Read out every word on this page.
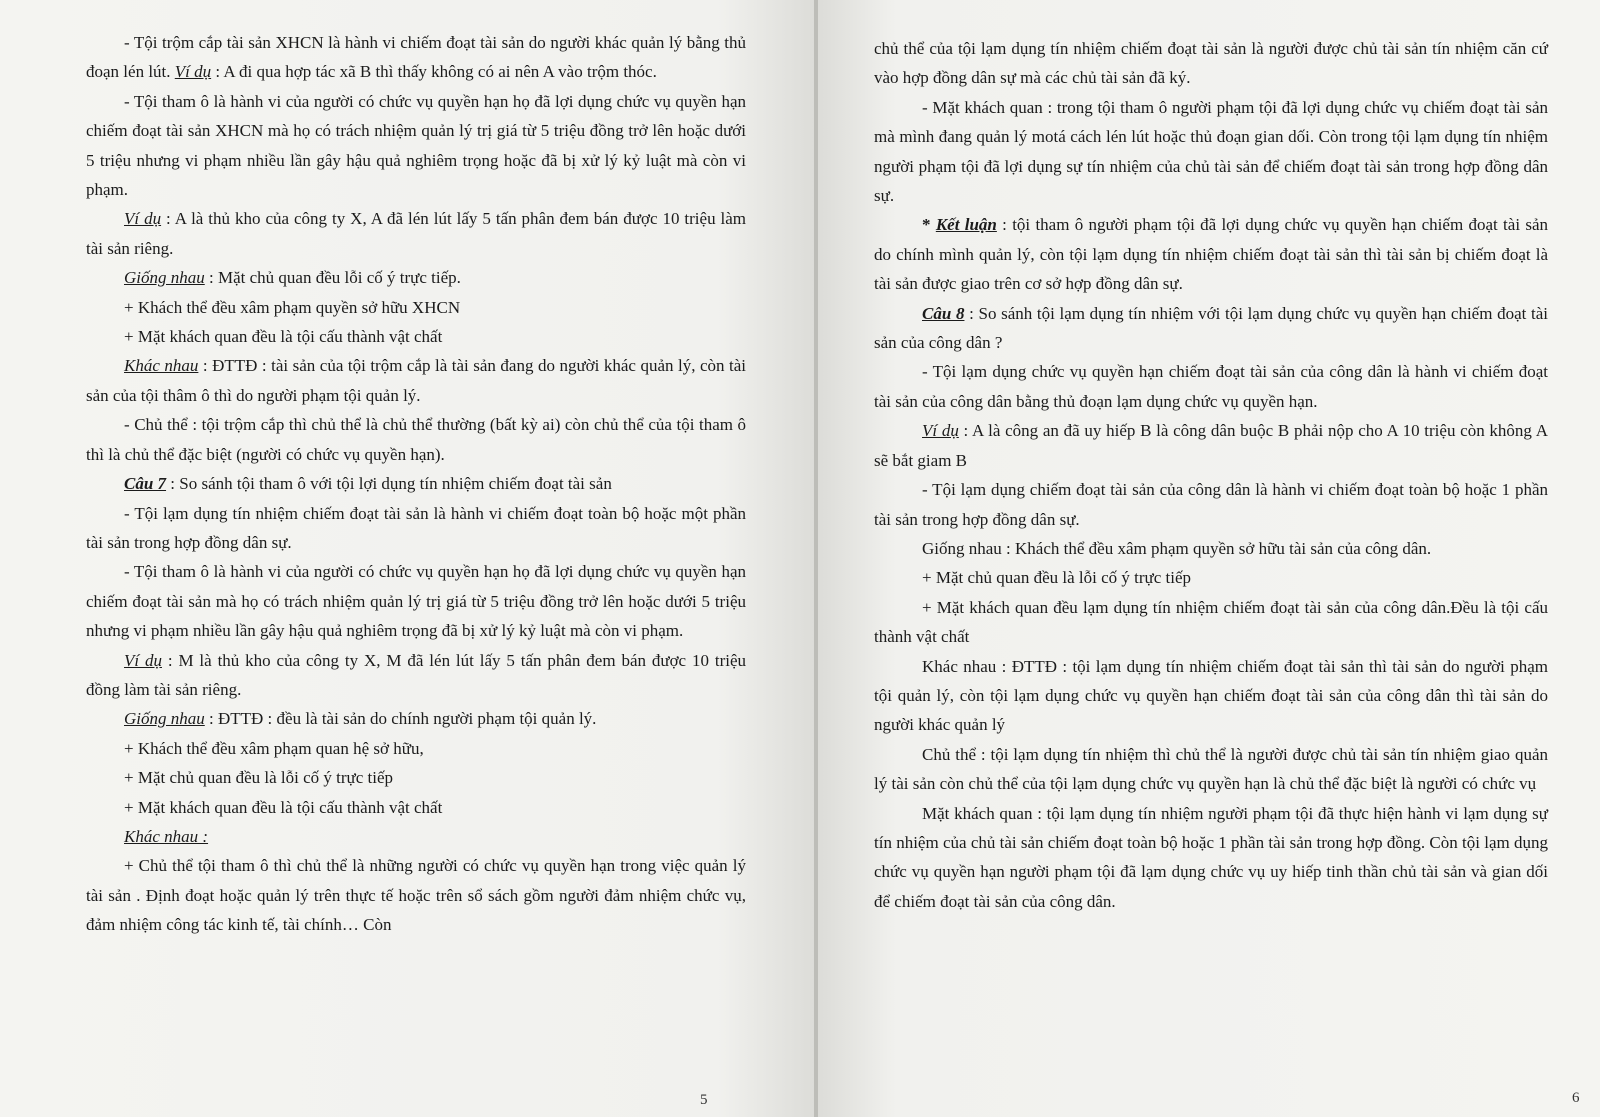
- Tội trộm cắp tài sản XHCN là hành vi chiếm đoạt tài sản do người khác quản lý bằng thủ đoạn lén lút. Ví dụ : A đi qua hợp tác xã B thì thấy không có ai nên A vào trộm thóc.

- Tội tham ô là hành vi của người có chức vụ quyền hạn họ đã lợi dụng chức vụ quyền hạn chiếm đoạt tài sản XHCN mà họ có trách nhiệm quản lý trị giá từ 5 triệu đồng trở lên hoặc dưới 5 triệu nhưng vi phạm nhiều lần gây hậu quả nghiêm trọng hoặc đã bị xử lý kỷ luật mà còn vi phạm.

Ví dụ : A là thủ kho của công ty X, A đã lén lút lấy 5 tấn phân đem bán được 10 triệu làm tài sản riêng.

Giống nhau : Mặt chủ quan đều lỗi cố ý trực tiếp.

+ Khách thể đều xâm phạm quyền sở hữu XHCN

+ Mặt khách quan đều là tội cấu thành vật chất

Khác nhau : ĐTTĐ : tài sản của tội trộm cắp là tài sản đang do người khác quản lý, còn tài sản của tội thâm ô thì do người phạm tội quản lý.

- Chủ thể : tội trộm cắp thì chủ thể là chủ thể thường (bất kỳ ai) còn chủ thể của tội tham ô thì là chủ thể đặc biệt (người có chức vụ quyền hạn).

Câu 7 : So sánh tội tham ô với tội lợi dụng tín nhiệm chiếm đoạt tài sản

- Tội lạm dụng tín nhiệm chiếm đoạt tài sản là hành vi chiếm đoạt toàn bộ hoặc một phần tài sản trong hợp đồng dân sự.

- Tội tham ô là hành vi của người có chức vụ quyền hạn họ đã lợi dụng chức vụ quyền hạn chiếm đoạt tài sản mà họ có trách nhiệm quản lý trị giá từ 5 triệu đồng trở lên hoặc dưới 5 triệu nhưng vi phạm nhiều lần gây hậu quả nghiêm trọng đã bị xử lý kỷ luật mà còn vi phạm.

Ví dụ : M là thủ kho của công ty X, M đã lén lút lấy 5 tấn phân đem bán được 10 triệu đồng làm tài sản riêng.

Giống nhau : ĐTTĐ : đều là tài sản do chính người phạm tội quản lý.

+ Khách thể đều xâm phạm quan hệ sở hữu,

+ Mặt chủ quan đều là lỗi cố ý trực tiếp

+ Mặt khách quan đều là tội cấu thành vật chất

Khác nhau :

+ Chủ thể tội tham ô thì chủ thể là những người có chức vụ quyền hạn trong việc quản lý tài sản . Định đoạt hoặc quản lý trên thực tế hoặc trên sổ sách gồm người đảm nhiệm chức vụ, đảm nhiệm công tác kinh tế, tài chính… Còn

5

chủ thể của tội lạm dụng tín nhiệm chiếm đoạt tài sản là người được chủ tài sản tín nhiệm căn cứ vào hợp đồng dân sự mà các chủ tài sản đã ký.

- Mặt khách quan : trong tội tham ô người phạm tội đã lợi dụng chức vụ chiếm đoạt tài sản mà mình đang quản lý motá cách lén lút hoặc thủ đoạn gian dối. Còn trong tội lạm dụng tín nhiệm người phạm tội đã lợi dụng sự tín nhiệm của chủ tài sản để chiếm đoạt tài sản trong hợp đồng dân sự.

* Kết luận : tội tham ô người phạm tội đã lợi dụng chức vụ quyền hạn chiếm đoạt tài sản do chính mình quản lý, còn tội lạm dụng tín nhiệm chiếm đoạt tài sản thì tài sản bị chiếm đoạt là tài sản được giao trên cơ sở hợp đồng dân sự.

Câu 8 : So sánh tội lạm dụng tín nhiệm với tội lạm dụng chức vụ quyền hạn chiếm đoạt tài sản của công dân ?

- Tội lạm dụng chức vụ quyền hạn chiếm đoạt tài sản của công dân là hành vi chiếm đoạt tài sản của công dân bằng thủ đoạn lạm dụng chức vụ quyền hạn.

Ví dụ : A là công an đã uy hiếp B là công dân buộc B phải nộp cho A 10 triệu còn không A sẽ bắt giam B

- Tội lạm dụng chiếm đoạt tài sản của công dân là hành vi chiếm đoạt toàn bộ hoặc 1 phần tài sản trong hợp đồng dân sự.

Giống nhau : Khách thể đều xâm phạm quyền sở hữu tài sản của công dân.

+ Mặt chủ quan đều là lỗi cố ý trực tiếp

+ Mặt khách quan đều lạm dụng tín nhiệm chiếm đoạt tài sản của công dân.Đều là tội cấu thành vật chất

Khác nhau : ĐTTĐ : tội lạm dụng tín nhiệm chiếm đoạt tài sản thì tài sản do người phạm tội quản lý, còn tội lạm dụng chức vụ quyền hạn chiếm đoạt tài sản của công dân thì tài sản do người khác quản lý

Chủ thể : tội lạm dụng tín nhiệm thì chủ thể là người được chủ tài sản tín nhiệm giao quản lý tài sản còn chủ thể của tội lạm dụng chức vụ quyền hạn là chủ thể đặc biệt là người có chức vụ

Mặt khách quan : tội lạm dụng tín nhiệm người phạm tội đã thực hiện hành vi lạm dụng sự tín nhiệm của chủ tài sản chiếm đoạt toàn bộ hoặc 1 phần tài sản trong hợp đồng. Còn tội lạm dụng chức vụ quyền hạn người phạm tội đã lạm dụng chức vụ uy hiếp tinh thần chủ tài sản và gian dối để chiếm đoạt tài sản của công dân.

6
